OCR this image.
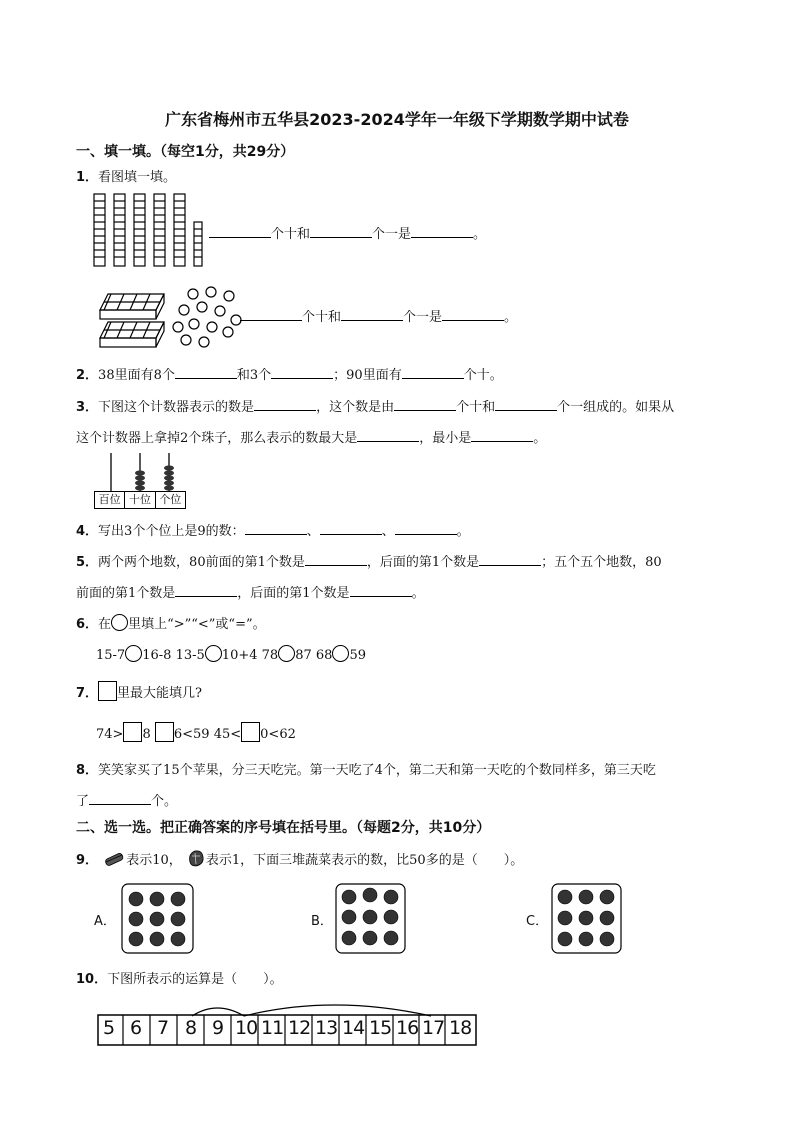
广东省梅州市五华县2023-2024学年一年级下学期数学期中试卷
一、填一填。（每空1分，共29分）
1．看图填一填。
个十和	个一是	。
个十和	个一是	。
2．38里面有8个	和3个	；90里面有	个十。
3．下图这个计数器表示的数是	，这个数是由	个十和	个一组成的。如果从
这个计数器上拿掉2个珠子，那么表示的数最大是	，最小是	。
百位 十位 个位
4．写出3个个位上是9的数：	、	、	。
5．两个两个地数，80前面的第1个数是	，后面的第1个数是	；五个五个地数，80
前面的第1个数是	，后面的第1个数是	。
6．在 里填上“>”“<”或“=”。
15-7 16-8 13-5 10+4 78 87 68 59
7． 里最大能填几?
74> 8 6<59 45< 0<62
8．笑笑家买了15个苹果，分三天吃完。第一天吃了4个，第二天和第一天吃的个数同样多，第三天吃
了	个。
二、选一选。把正确答案的序号填在括号里。（每题2分，共10分）
9． 表示10， 表示1，下面三堆蔬菜表示的数，比50多的是（　　）。
A．	B．	C．
10．下图所表示的运算是（　　）。
5 6 7 8 9 10 11 12 13 14 15 16 17 18
